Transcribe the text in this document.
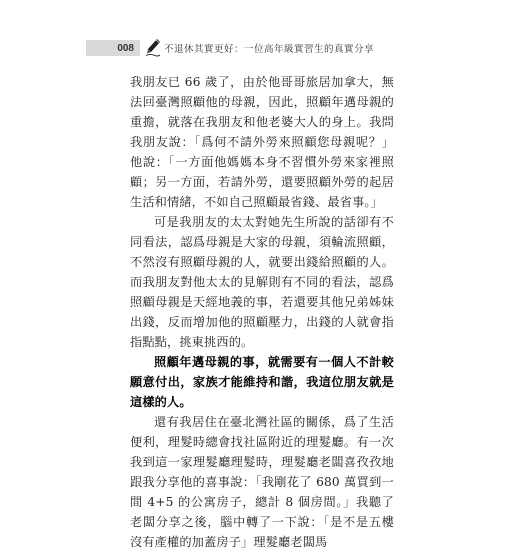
008	不退休其實更好：一位高年級實習生的真實分享

我朋友已 66 歲了，由於他哥哥旅居加拿大，無法回臺灣照顧他的母親，因此，照顧年邁母親的重擔，就落在我朋友和他老婆大人的身上。我問我朋友說：「爲何不請外勞來照顧您母親呢？」他說：「一方面他媽媽本身不習慣外勞來家裡照顧；另一方面，若請外勞，還要照顧外勞的起居生活和情緒，不如自己照顧最省錢、最省事。」

可是我朋友的太太對她先生所說的話卻有不同看法，認爲母親是大家的母親，須輪流照顧，不然沒有照顧母親的人，就要出錢給照顧的人。而我朋友對他太太的見解則有不同的看法，認爲照顧母親是天經地義的事，若還要其他兄弟姊妹出錢，反而增加他的照顧壓力，出錢的人就會指指點點，挑東挑西的。

照顧年邁母親的事，就需要有一個人不計較願意付出，家族才能維持和諧，我這位朋友就是這樣的人。

還有我居住在臺北灣社區的關係，爲了生活便利，理髮時總會找社區附近的理髮廳。有一次我到這一家理髮廳理髮時，理髮廳老闆喜孜孜地跟我分享他的喜事說：「我剛花了 680 萬買到一間 4+5 的公寓房子，總計 8 個房間。」我聽了老闆分享之後，腦中轉了一下說：「是不是五樓沒有產權的加蓋房子」理髮廳老闆馬
